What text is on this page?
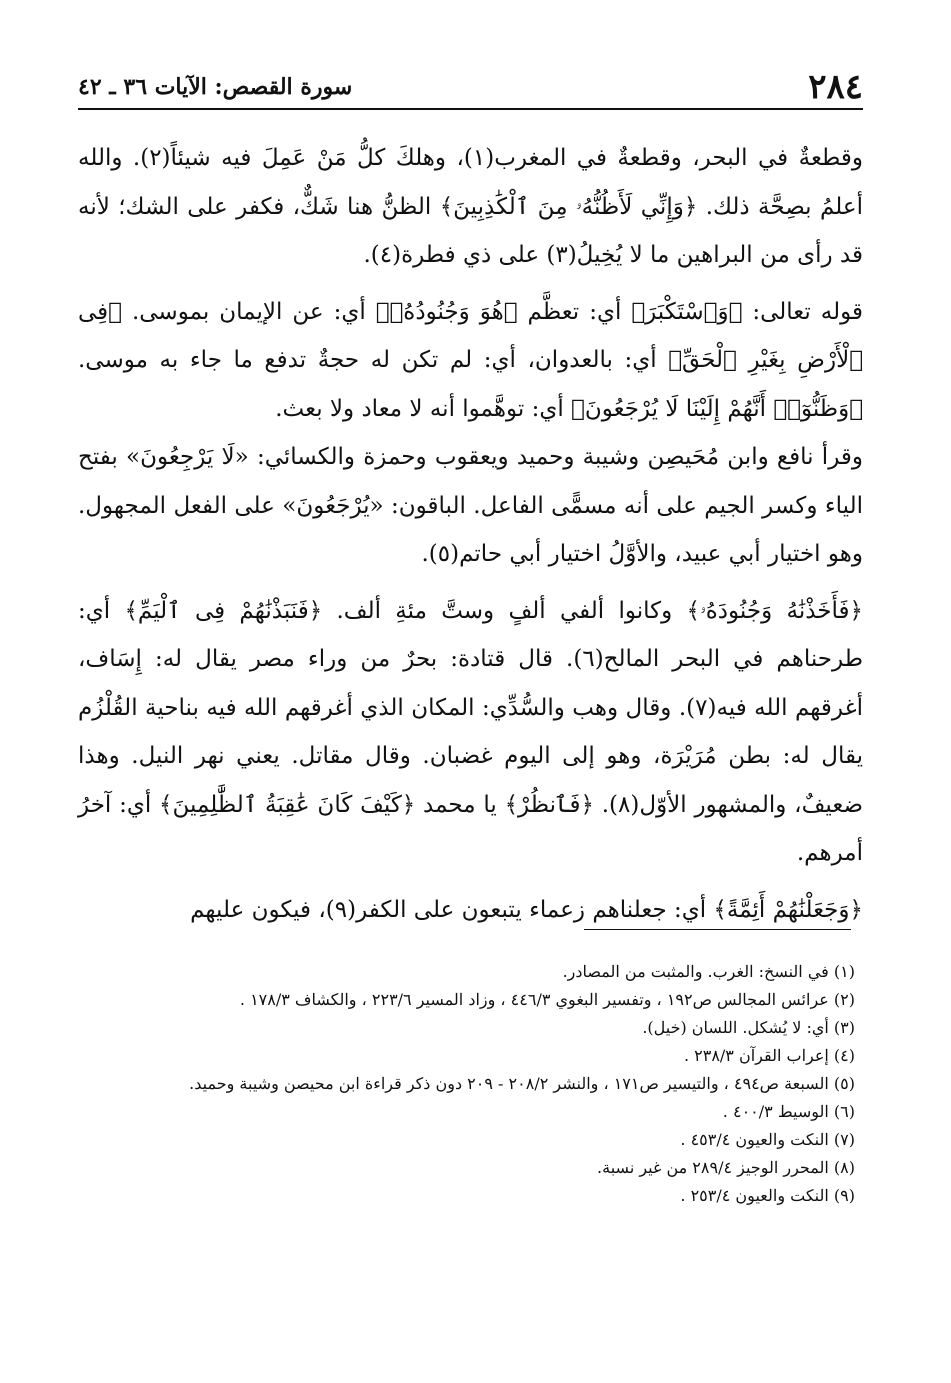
٢٨٤
سورة القصص: الآيات ٣٦ ـ ٤٢

وقطعةٌ في البحر، وقطعةٌ في المغرب(١)، وهلكَ كلُّ مَنْ عَمِلَ فيه شيئاً(٢). والله أعلمُ بصِحَّة ذلك. ﴿وَإِنِّي لَأَظُنُّهُۥ مِنَ ٱلْكَٰذِبِينَ﴾ الظنُّ هنا شَكٌّ، فكفر على الشك؛ لأنه قد رأى من البراهين ما لا يُخِيلُ(٣) على ذي فطرة(٤).

قوله تعالى: ﴿وَٱسْتَكْبَرَ﴾ أي: تعظَّم ﴿هُوَ وَجُنُودُهُۥ﴾ أي: عن الإيمان بموسى. ﴿فِى ٱلْأَرْضِ بِغَيْرِ ٱلْحَقِّ﴾ أي: بالعدوان، أي: لم تكن له حجةٌ تدفع ما جاء به موسى. ﴿وَظَنُّوٓا۟ أَنَّهُمْ إِلَيْنَا لَا يُرْجَعُونَ﴾ أي: توهَّموا أنه لا معاد ولا بعث.

وقرأ نافع وابن مُحَيصِن وشيبة وحميد ويعقوب وحمزة والكسائي: «لَا يَرْجِعُونَ» بفتح الياء وكسر الجيم على أنه مسمًّى الفاعل. الباقون: «يُرْجَعُونَ» على الفعل المجهول. وهو اختيار أبي عبيد، والأوَّلُ اختيار أبي حاتم(٥).

﴿فَأَخَذْنَٰهُ وَجُنُودَهُۥ﴾ وكانوا ألفي ألفٍ وستَّ مئةِ ألف. ﴿فَنَبَذْنَٰهُمْ فِى ٱلْيَمِّ﴾ أي: طرحناهم في البحر المالح(٦). قال قتادة: بحرٌ من وراء مصر يقال له: إِسَاف، أغرقهم الله فيه(٧). وقال وهب والسُّدِّي: المكان الذي أغرقهم الله فيه بناحية القُلْزُم يقال له: بطن مُرَيْرَة، وهو إلى اليوم غضبان. وقال مقاتل. يعني نهر النيل. وهذا ضعيفٌ، والمشهور الأوّل(٨). ﴿فَٱنظُرْ﴾ يا محمد ﴿كَيْفَ كَانَ عَٰقِبَةُ ٱلظَّٰلِمِينَ﴾ أي: آخرُ أمرهم.

﴿وَجَعَلْنَٰهُمْ أَئِمَّةً﴾ أي: جعلناهم زعماء يتبعون على الكفر(٩)، فيكون عليهم

(١) في النسخ: الغرب. والمثبت من المصادر.

(٢) عرائس المجالس ص١٩٢ ، وتفسير البغوي ٤٤٦/٣ ، وزاد المسير ٢٢٣/٦ ، والكشاف ١٧٨/٣ .

(٣) أي: لا يُشكل. اللسان (خيل).

(٤) إعراب القرآن ٢٣٨/٣ .

(٥) السبعة ص٤٩٤ ، والتيسير ص١٧١ ، والنشر ٢٠٨/٢ - ٢٠٩ دون ذكر قراءة ابن محيصن وشيبة وحميد.

(٦) الوسيط ٤٠٠/٣ .

(٧) النكت والعيون ٤٥٣/٤ .

(٨) المحرر الوجيز ٢٨٩/٤ من غير نسبة.

(٩) النكت والعيون ٢٥٣/٤ .
